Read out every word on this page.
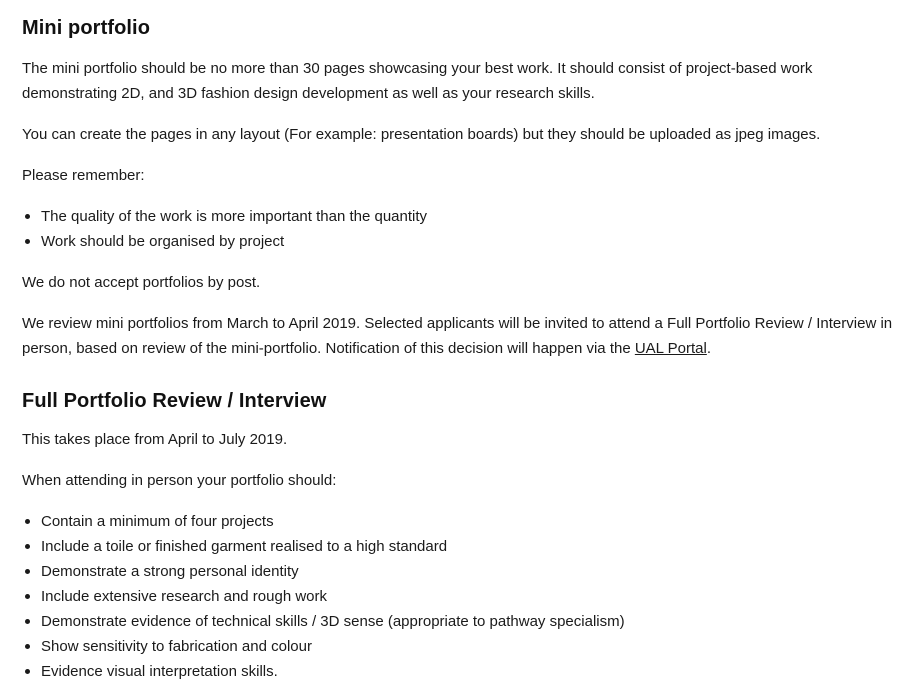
Mini portfolio

The mini portfolio should be no more than 30 pages showcasing your best work. It should consist of project-based work demonstrating 2D, and 3D fashion design development as well as your research skills.

You can create the pages in any layout (For example: presentation boards) but they should be uploaded as jpeg images.

Please remember:

The quality of the work is more important than the quantity
Work should be organised by project

We do not accept portfolios by post.

We review mini portfolios from March to April 2019. Selected applicants will be invited to attend a Full Portfolio Review / Interview in person, based on review of the mini-portfolio. Notification of this decision will happen via the UAL Portal.

Full Portfolio Review / Interview

This takes place from April to July 2019.

When attending in person your portfolio should:

Contain a minimum of four projects
Include a toile or finished garment realised to a high standard
Demonstrate a strong personal identity
Include extensive research and rough work
Demonstrate evidence of technical skills / 3D sense (appropriate to pathway specialism)
Show sensitivity to fabrication and colour
Evidence visual interpretation skills.
